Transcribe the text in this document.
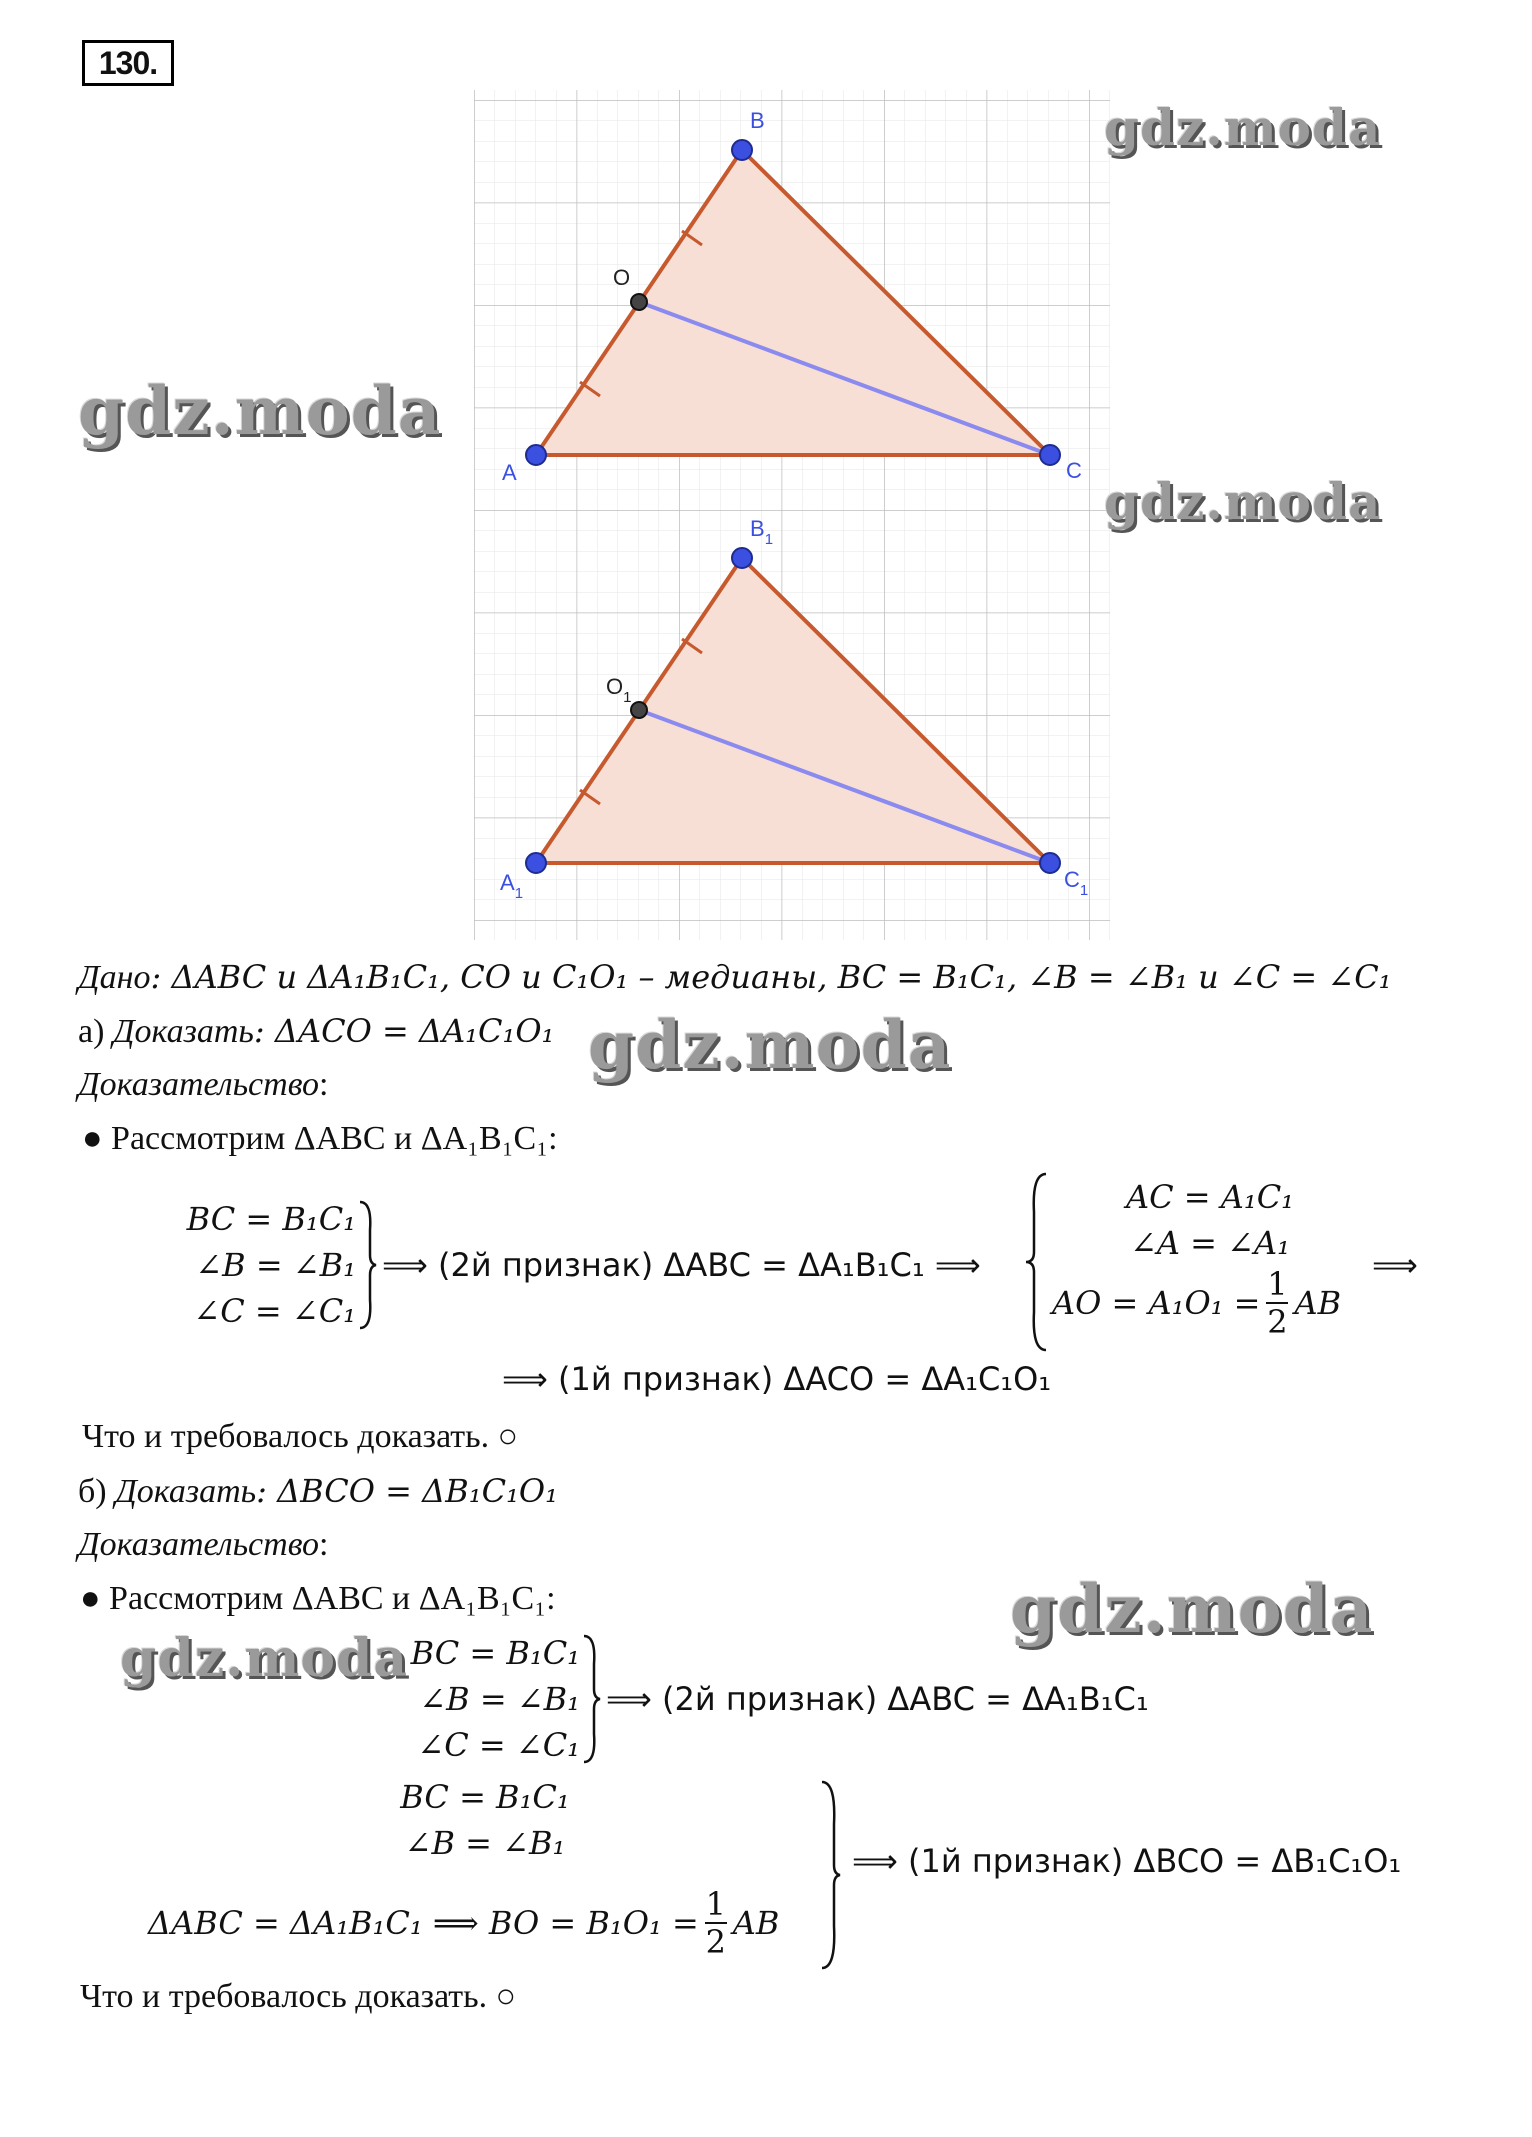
130.
A
B
C
O
$A_1$
$B_1$
$C_1$
$O_1$
Дано: ΔABC и ΔA₁B₁C₁, CO и C₁O₁ – медианы, BC = B₁C₁, ∠B = ∠B₁ и ∠C = ∠C₁
а) Доказать: ΔACO = ΔA₁C₁O₁
Доказательство:
● Рассмотрим ΔABC и ΔA₁B₁C₁:
BC = B₁C₁
∠B = ∠B₁
∠C = ∠C₁
⟹ (2й признак) ΔABC = ΔA₁B₁C₁ ⟹
AC = A₁C₁
∠A = ∠A₁
AO = $A_1O_1 = \frac{1}{2}$ AB
⟹
⟹ (1й признак) ΔACO = ΔA₁C₁O₁
Что и требовалось доказать. ○
б) Доказать: ΔBCO = ΔB₁C₁O₁
Доказательство:
● Рассмотрим ΔABC и ΔA₁B₁C₁:
BC = B₁C₁
∠B = ∠B₁
∠C = ∠C₁
⟹ (2й признак) ΔABC = ΔA₁B₁C₁
BC = B₁C₁
∠B = ∠B₁
ΔABC = ΔA₁B₁C₁ ⟹ BO = $B_1O_1 = \frac{1}{2}$ AB
⟹ (1й признак) ΔBCO = ΔB₁C₁O₁
Что и требовалось доказать. ○
gdz.moda
gdz.moda
gdz.moda
gdz.moda
gdz.moda
gdz.moda
